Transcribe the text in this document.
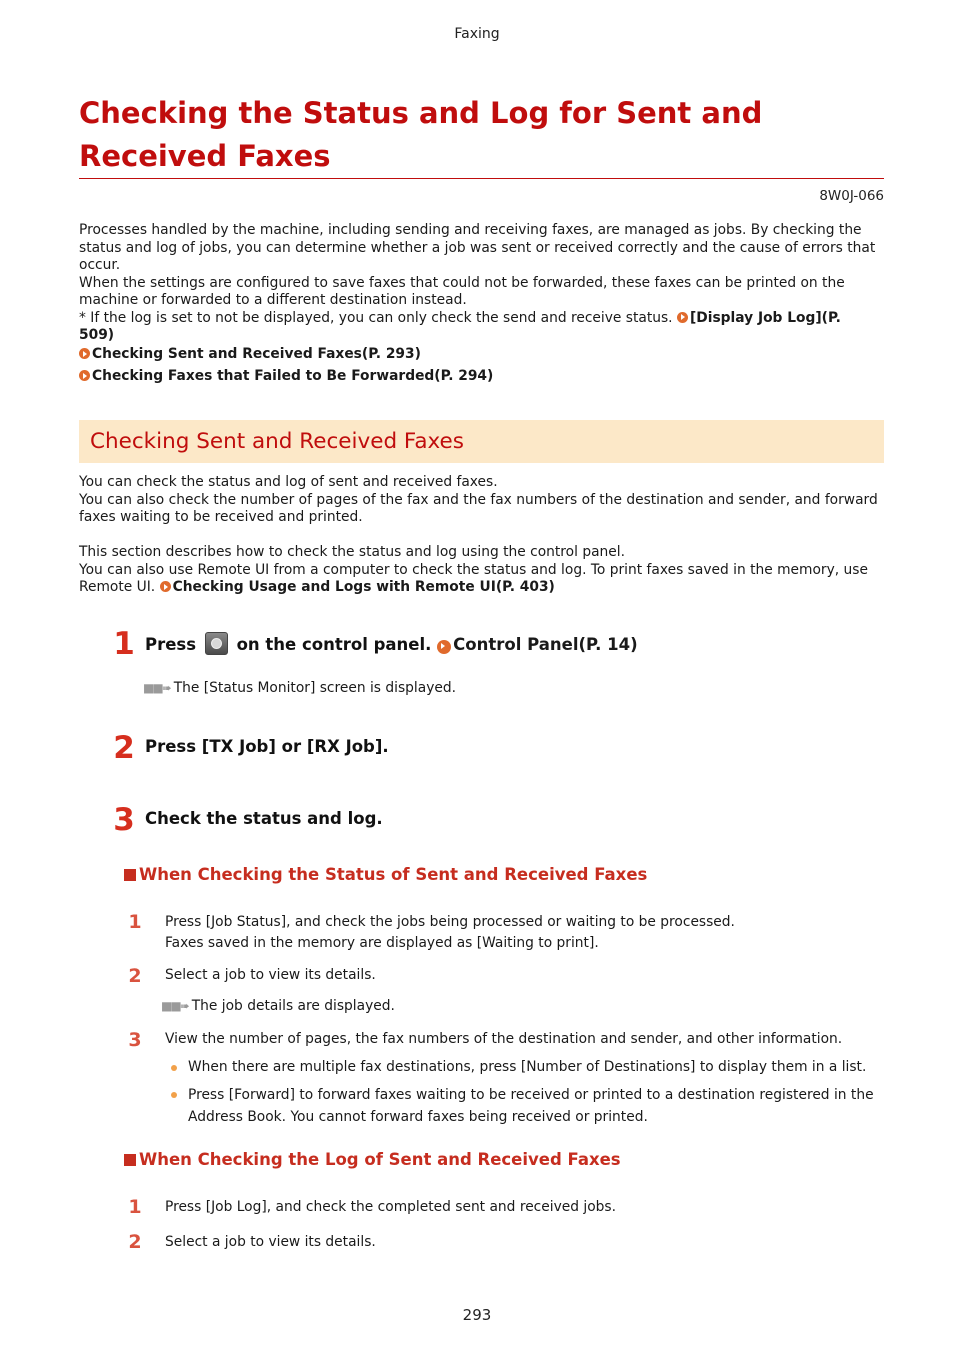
Faxing
Checking the Status and Log for Sent and Received Faxes
8W0J-066

Processes handled by the machine, including sending and receiving faxes, are managed as jobs. By checking the status and log of jobs, you can determine whether a job was sent or received correctly and the cause of errors that occur.

When the settings are configured to save faxes that could not be forwarded, these faxes can be printed on the machine or forwarded to a different destination instead.

* If the log is set to not be displayed, you can only check the send and receive status. [Display Job Log](P. 509)

Checking Sent and Received Faxes(P. 293)
Checking Faxes that Failed to Be Forwarded(P. 294)
Checking Sent and Received Faxes

You can check the status and log of sent and received faxes.

You can also check the number of pages of the fax and the fax numbers of the destination and sender, and forward faxes waiting to be received and printed.

This section describes how to check the status and log using the control panel.

You can also use Remote UI from a computer to check the status and log. To print faxes saved in the memory, use Remote UI. Checking Usage and Logs with Remote UI(P. 403)

1 Press on the control panel. Control Panel(P. 14)
■■➠ The [Status Monitor] screen is displayed.
2 Press [TX Job] or [RX Job].
3 Check the status and log.
When Checking the Status of Sent and Received Faxes
1 Press [Job Status], and check the jobs being processed or waiting to be processed.
Faxes saved in the memory are displayed as [Waiting to print].
2 Select a job to view its details.
■■➠ The job details are displayed.
3 View the number of pages, the fax numbers of the destination and sender, and other information.
When there are multiple fax destinations, press [Number of Destinations] to display them in a list.
Press [Forward] to forward faxes waiting to be received or printed to a destination registered in the Address Book. You cannot forward faxes being received or printed.
When Checking the Log of Sent and Received Faxes
1 Press [Job Log], and check the completed sent and received jobs.
2 Select a job to view its details.
293
